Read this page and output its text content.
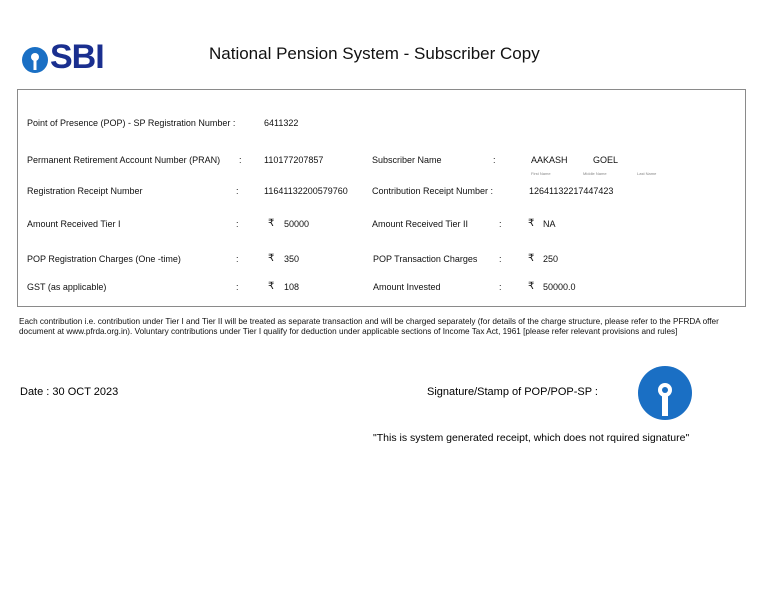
SBI	National Pension System - Subscriber Copy
Point of Presence (POP) - SP Registration Number :	6411322
Permanent Retirement Account Number (PRAN) : 110177207857	Subscriber Name	:	AAKASH	GOEL
First Name	Middle Name	Last Name
Registration Receipt Number	:	11641132200579760	Contribution Receipt Number :	12641132217447423
Amount Received Tier I	:	₹ 50000	Amount Received Tier II	:	₹ NA
POP Registration Charges (One -time)	:	₹ 350	POP Transaction Charges :	₹ 250
GST (as applicable)	:	₹ 108	Amount Invested	:	₹ 50000.0
Each contribution i.e. contribution under Tier I and Tier II will be treated as separate transaction and will be charged separately (for details of the charge structure, please refer to the PFRDA offer document at www.pfrda.org.in). Voluntary contributions under Tier I qualify for deduction under applicable sections of Income Tax Act, 1961 [please refer relevant provisions and rules]
Date : 30 OCT 2023	Signature/Stamp of POP/POP-SP :
"This is system generated receipt, which does not rquired signature"
